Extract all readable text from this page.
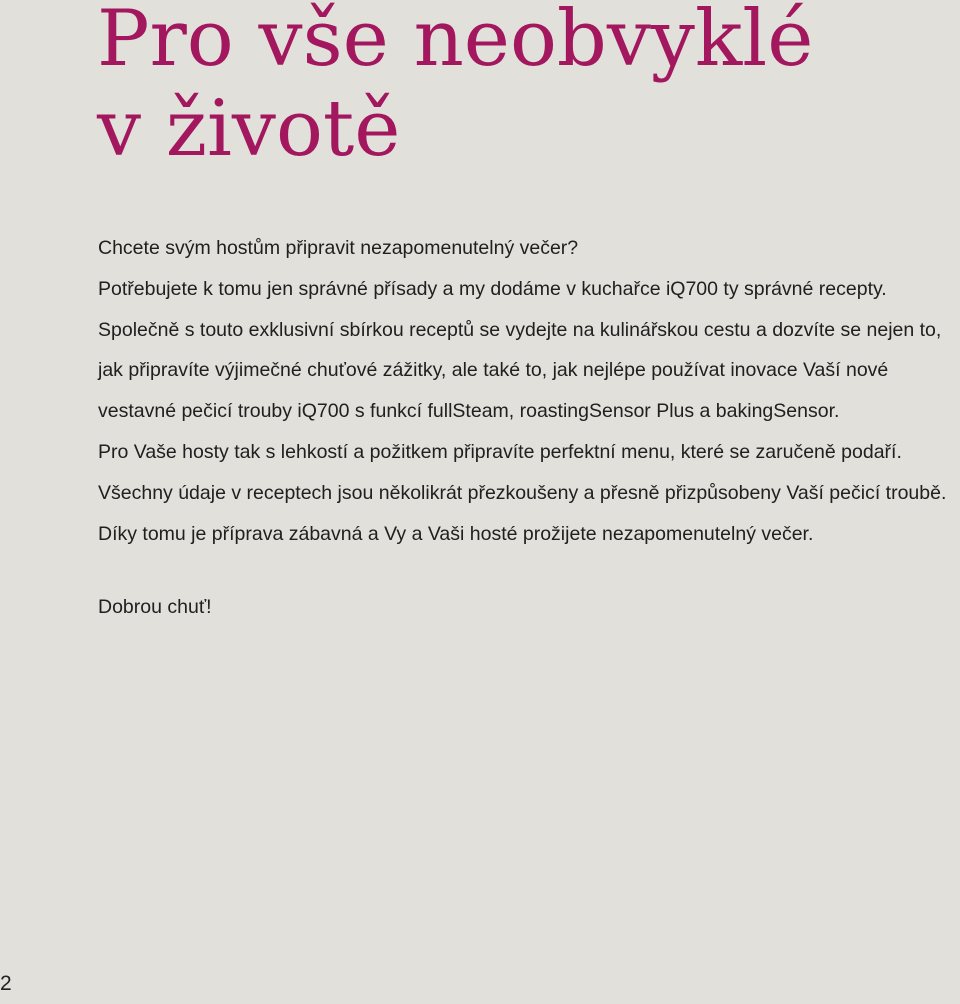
Pro vše neobvyklé
v životě

Chcete svým hostům připravit nezapomenutelný večer?

Potřebujete k tomu jen správné přísady a my dodáme v kuchařce iQ700 ty správné recepty.

Společně s touto exklusivní sbírkou receptů se vydejte na kulinářskou cestu a dozvíte se nejen to,

jak připravíte výjimečné chuťové zážitky, ale také to, jak nejlépe používat inovace Vaší nové

vestavné pečicí trouby iQ700 s funkcí fullSteam, roastingSensor Plus a bakingSensor.

Pro Vaše hosty tak s lehkostí a požitkem připravíte perfektní menu, které se zaručeně podaří.

Všechny údaje v receptech jsou několikrát přezkoušeny a přesně přizpůsobeny Vaší pečicí troubě.

Díky tomu je příprava zábavná a Vy a Vaši hosté prožijete nezapomenutelný večer.

Dobrou chuť!
2
